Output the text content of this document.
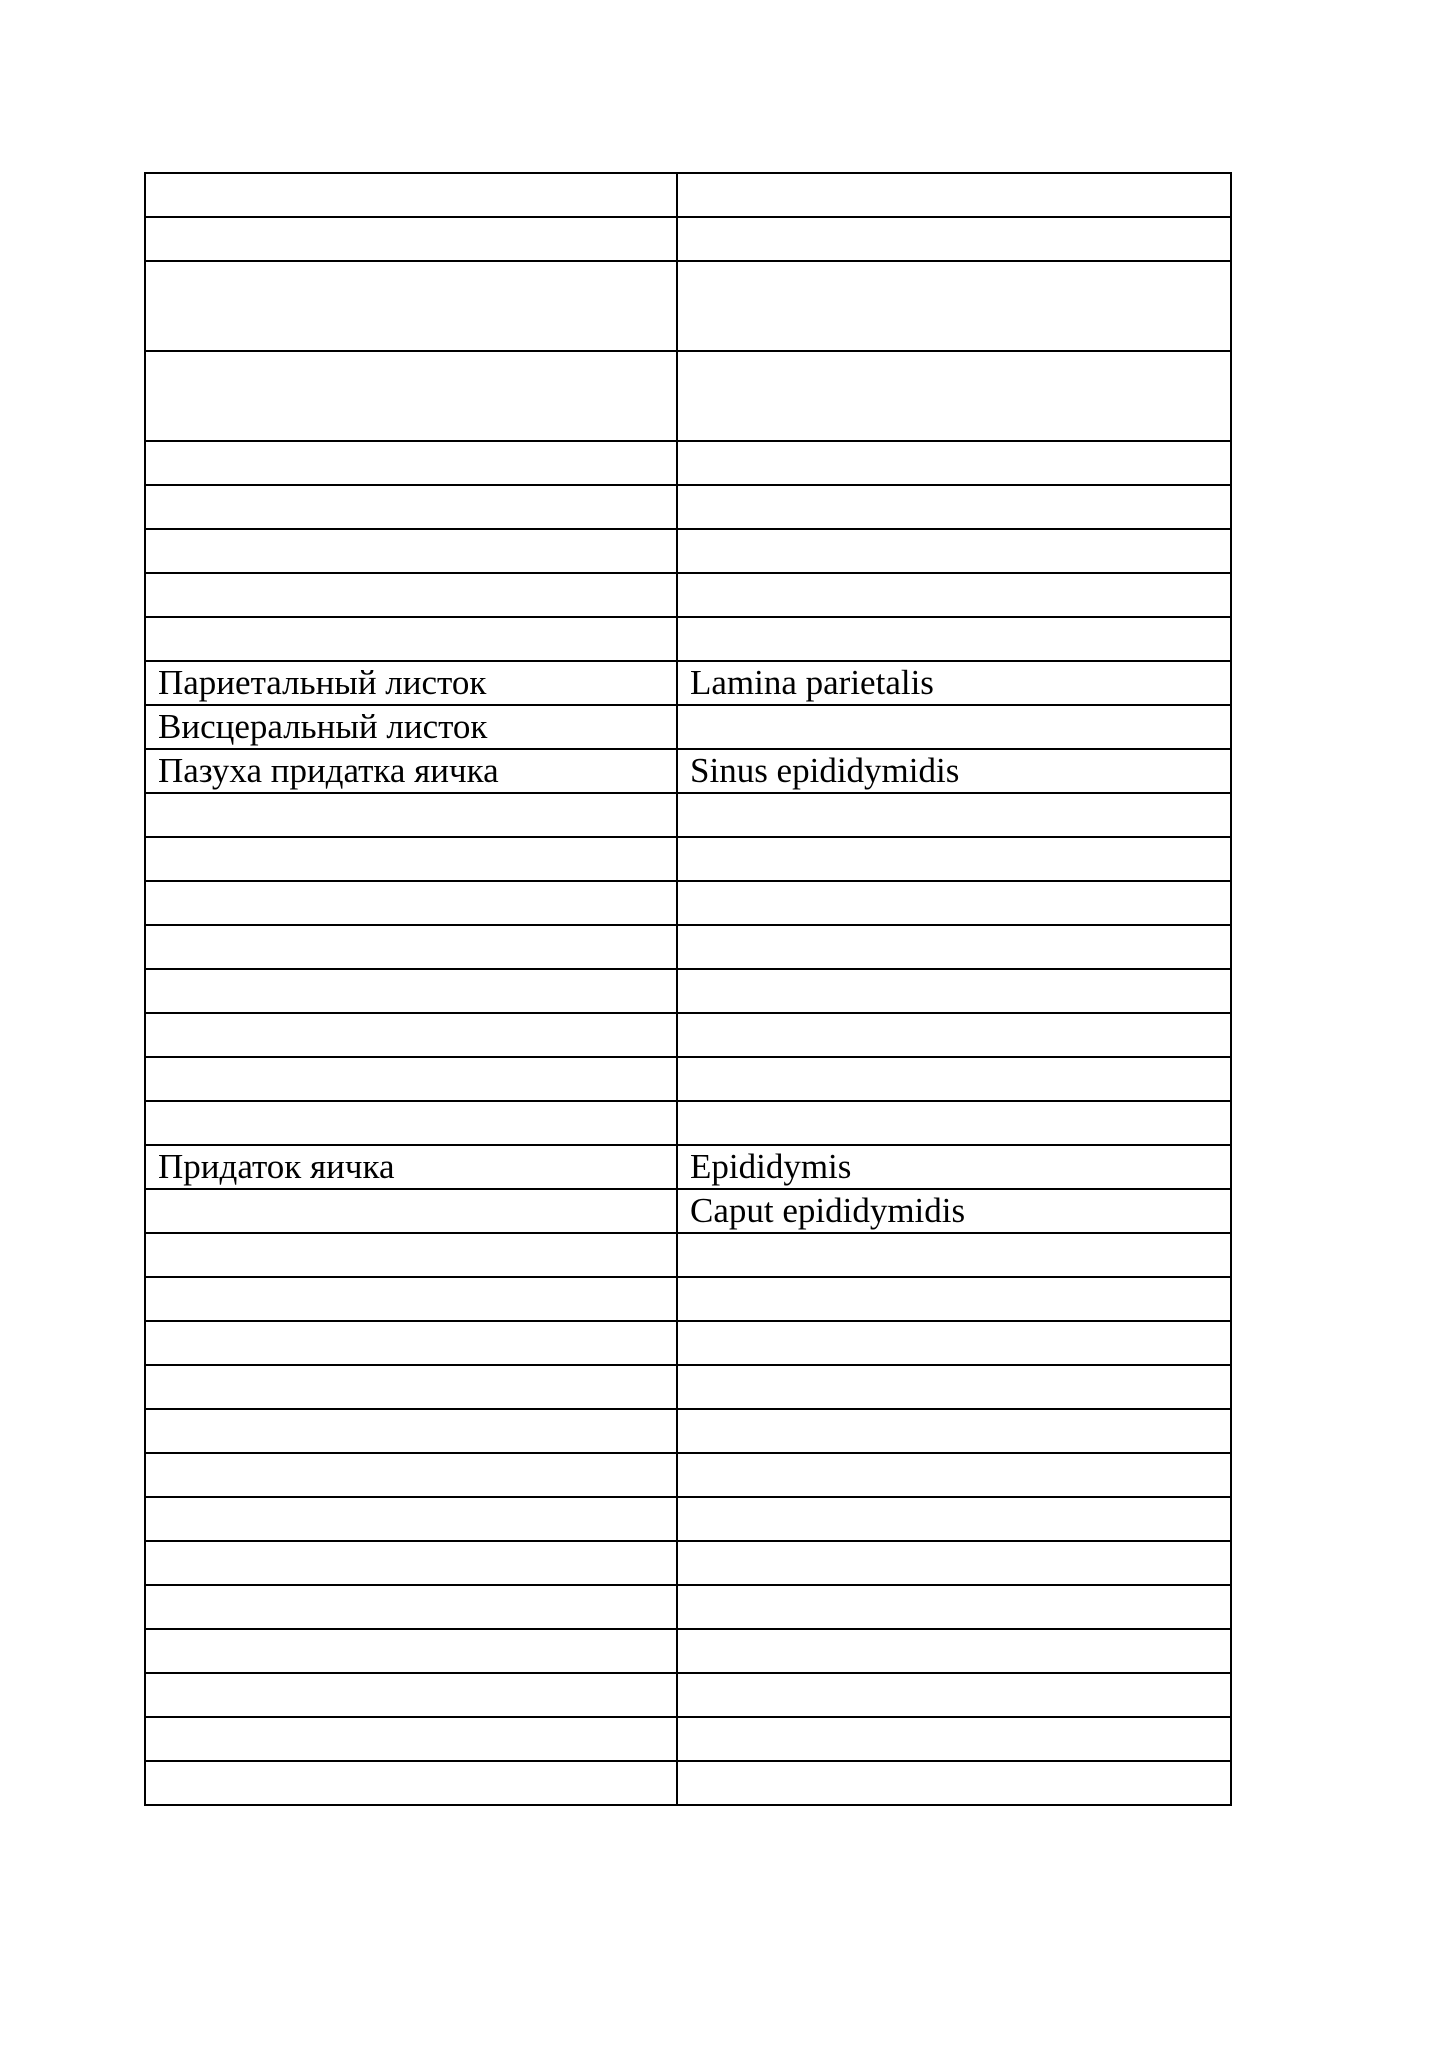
Париетальный листок	Lamina parietalis
Висцеральный листок	
Пазуха придатка яичка	Sinus epididymidis

Придаток яичка	Epididymis
	Caput epididymidis
